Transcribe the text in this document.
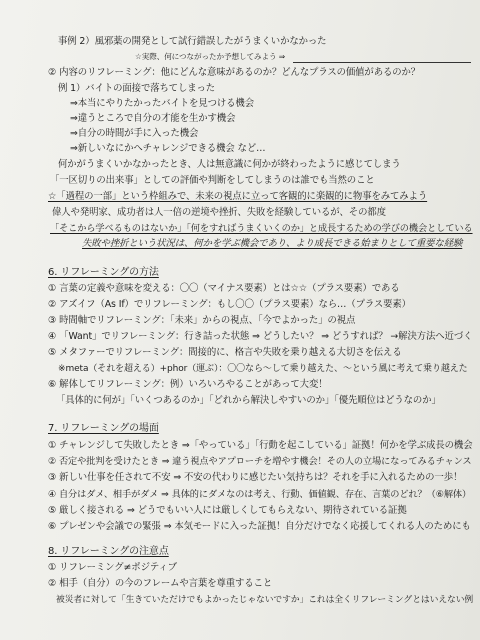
事例 2）風邪薬の開発として試行錯誤したがうまくいかなかった
☆実際、何につながったか予想してみよう ⇒
② 内容のリフレーミング：他にどんな意味があるのか？どんなプラスの価値があるのか？
例 1）バイトの面接で落ちてしまった
⇒本当にやりたかったバイトを見つける機会
⇒違うところで自分の才能を生かす機会
⇒自分の時間が手に入った機会
⇒新しいなにかへチャレンジできる機会 など…
何かがうまくいかなかったとき、人は無意識に何かが終わったように感じてしまう
「一区切りの出来事」としての評価や判断をしてしまうのは誰でも当然のこと
☆「過程の一部」という枠組みで、未来の視点に立って客観的に楽観的に物事をみてみよう
偉人や発明家、成功者は人一倍の逆境や挫折、失敗を経験しているが、その都度
「そこから学べるものはないか」「何をすればうまくいくのか」と成長するための学びの機会としている
失敗や挫折という状況は、何かを学ぶ機会であり、より成長できる始まりとして重要な経験
6. リフレーミングの方法
① 言葉の定義や意味を変える：〇〇（マイナス要素）とは☆☆（プラス要素）である
② アズイフ（As If）でリフレーミング：もし〇〇（プラス要素）なら…（プラス要素）
③ 時間軸でリフレーミング：「未来」からの視点、「今でよかった」の視点
④ 「Want」でリフレーミング：行き詰った状態 ⇒ どうしたい？ ⇒ どうすれば？ →解決方法へ近づく
⑤ メタファーでリフレーミング：間接的に、格言や失敗を乗り越える大切さを伝える
※meta（それを超える）+phor（運ぶ）：〇〇なら～して乗り越えた、～という風に考えて乗り越えた
⑥ 解体してリフレーミング：例）いろいろやることがあって大変！
「具体的に何が」「いくつあるのか」「どれから解決しやすいのか」「優先順位はどうなのか」
7. リフレーミングの場面
① チャレンジして失敗したとき ⇒「やっている」「行動を起こしている」証拠！何かを学ぶ成長の機会
② 否定や批判を受けたとき ⇒ 違う視点やアプローチを増やす機会！その人の立場になってみるチャンス
③ 新しい仕事を任されて不安 ⇒ 不安の代わりに感じたい気持ちは？それを手に入れるための一歩！
④ 自分はダメ、相手がダメ ⇒ 具体的にダメなのは考え、行動、価値観、存在、言葉のどれ？（⑥解体）
⑤ 厳しく接される ⇒ どうでもいい人には厳しくしてもらえない、期待されている証拠
⑥ プレゼンや会議での緊張 ⇒ 本気モードに入った証拠！自分だけでなく応援してくれる人のためにも
8. リフレーミングの注意点
① リフレーミング≠ポジティブ
② 相手（自分）の今のフレームや言葉を尊重すること
被災者に対して「生きていただけでもよかったじゃないですか」これは全くリフレーミングとはいえない例
